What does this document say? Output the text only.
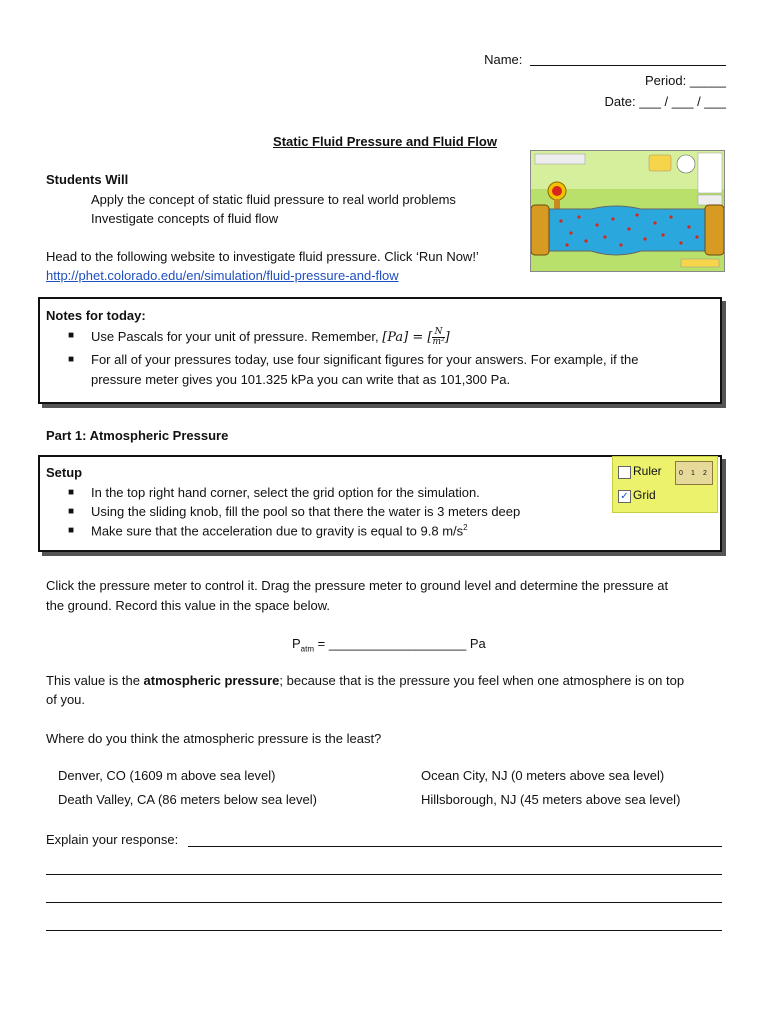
Name:
Period: _____
Date: ___ / ___ / ___
Static Fluid Pressure and Fluid Flow
Students Will
Apply the concept of static fluid pressure to real world problems
Investigate concepts of fluid flow
Head to the following website to investigate fluid pressure. Click ‘Run Now!’
http://phet.colorado.edu/en/simulation/fluid-pressure-and-flow
Notes for today:
■ Use Pascals for your unit of pressure. Remember, [Pa] = [ $\frac{N}{\text{m²}}$ ]
■ For all of your pressures today, use four significant figures for your answers. For example, if the
pressure meter gives you 101.325 kPa you can write that as 101,300 Pa.
Part 1: Atmospheric Pressure
Setup
■ In the top right hand corner, select the grid option for the simulation.
■ Using the sliding knob, fill the pool so that there the water is 3 meters deep
■ Make sure that the acceleration due to gravity is equal to 9.8 $m/s^2$
Ruler
✓ Grid
0 1 2
Click the pressure meter to control it. Drag the pressure meter to ground level and determine the pressure at
the ground. Record this value in the space below.
$P_{atm}$ = ___________________ Pa
This value is the atmospheric pressure; because that is the pressure you feel when one atmosphere is on top
of you.
Where do you think the atmospheric pressure is the least?
Denver, CO (1609 m above sea level)	Ocean City, NJ (0 meters above sea level)
Death Valley, CA (86 meters below sea level)	Hillsborough, NJ (45 meters above sea level)
Explain your response:
